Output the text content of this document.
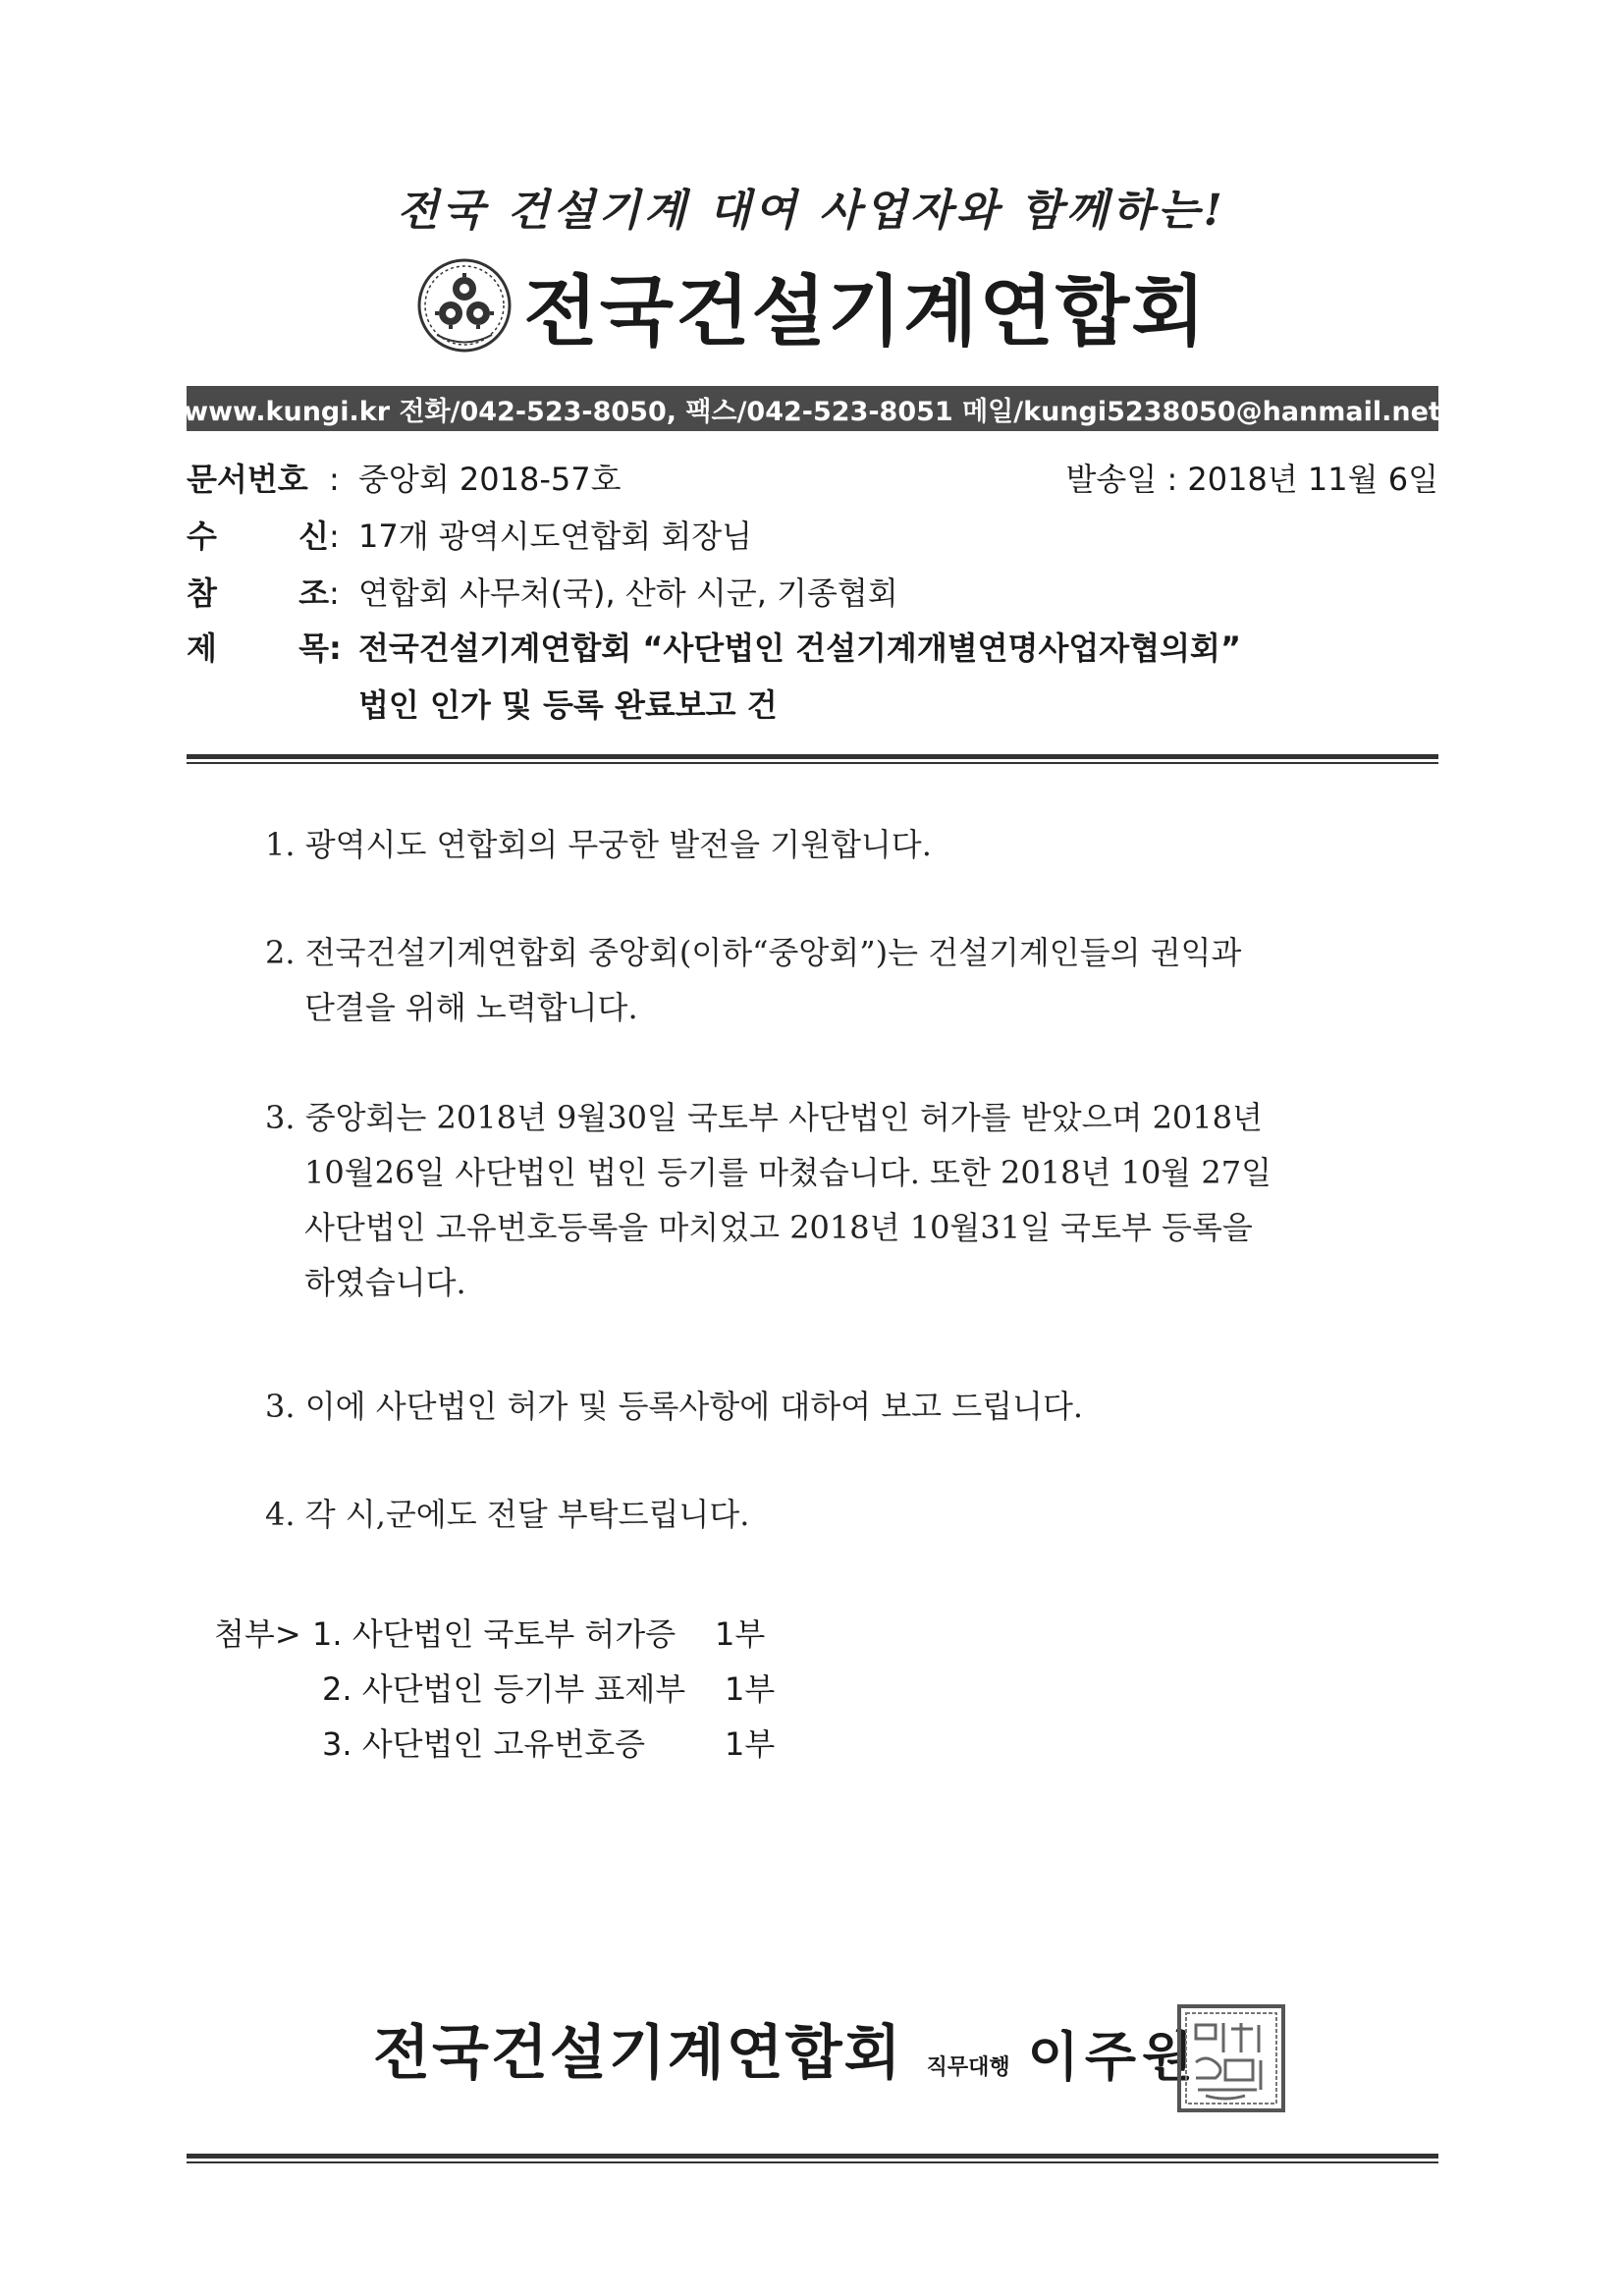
전국 건설기계 대여 사업자와 함께하는!
전국건설기계연합회
www.kungi.kr 전화/042-523-8050, 팩스/042-523-8051 메일/kungi5238050@hanmail.net
문서번호 : 중앙회 2018-57호	발송일 : 2018년 11월 6일
수 신: 17개 광역시도연합회 회장님
참 조: 연합회 사무처(국), 산하 시군, 기종협회
제 목: 전국건설기계연합회 “사단법인 건설기계개별연명사업자협의회”
법인 인가 및 등록 완료보고 건
1. 광역시도 연합회의 무궁한 발전을 기원합니다.
2. 전국건설기계연합회 중앙회(이하“중앙회”)는 건설기계인들의 권익과
단결을 위해 노력합니다.
3. 중앙회는 2018년 9월30일 국토부 사단법인 허가를 받았으며 2018년
10월26일 사단법인 법인 등기를 마쳤습니다. 또한 2018년 10월 27일
사단법인 고유번호등록을 마치었고 2018년 10월31일 국토부 등록을
하였습니다.
3. 이에 사단법인 허가 및 등록사항에 대하여 보고 드립니다.
4. 각 시,군에도 전달 부탁드립니다.
첨부> 1. 사단법인 국토부 허가증	1부
2. 사단법인 등기부 표제부	1부
3. 사단법인 고유번호증	1부
전국건설기계연합회 직무대행 이주원
